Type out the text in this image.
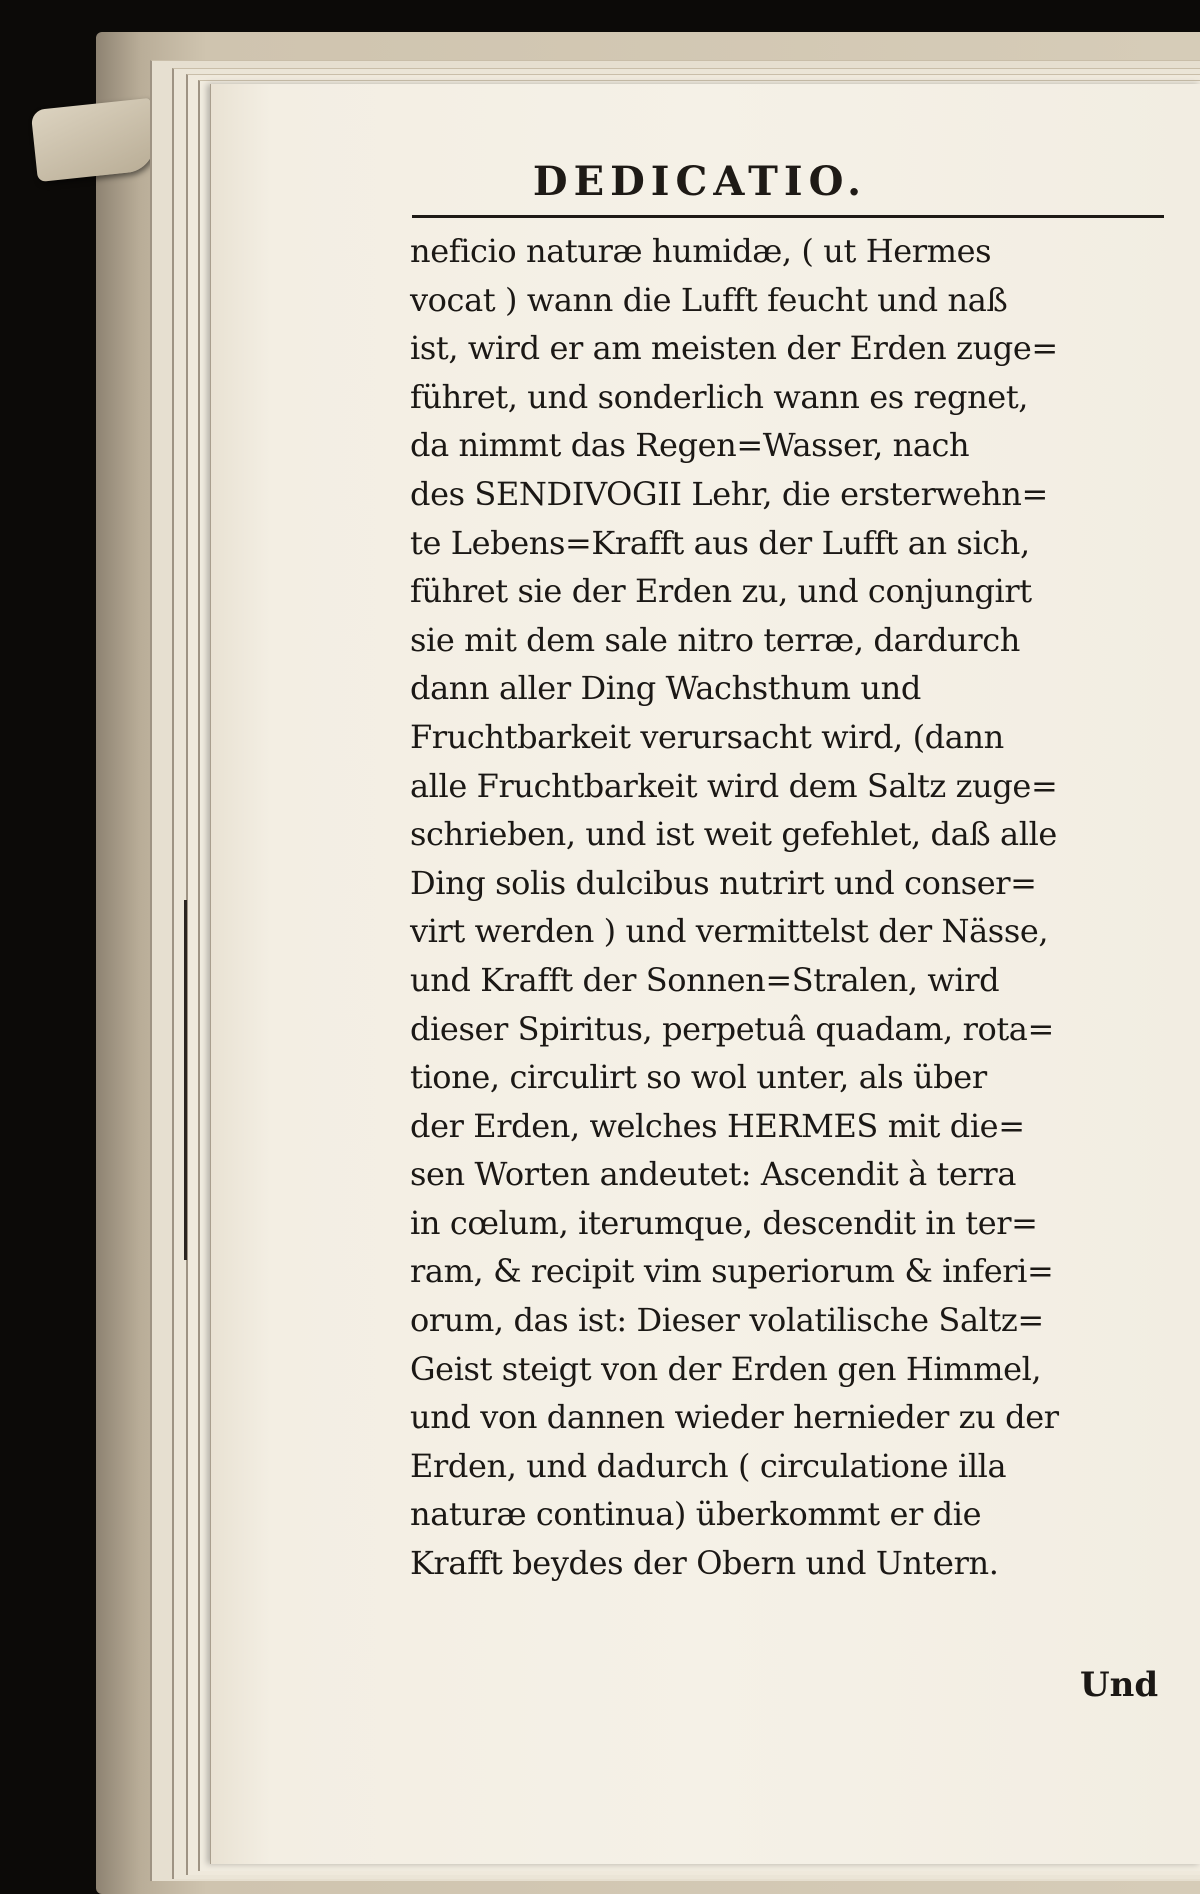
DEDICATIO.
neficio naturæ humidæ, ( ut Hermes
vocat ) wann die Lufft feucht und naß
ist, wird er am meisten der Erden zuge=
führet, und sonderlich wann es regnet,
da nimmt das Regen=Wasser, nach
des SENDIVOGII Lehr, die ersterwehn=
te Lebens=Krafft aus der Lufft an sich,
führet sie der Erden zu, und conjungirt
sie mit dem sale nitro terræ, dardurch
dann aller Ding Wachsthum und
Fruchtbarkeit verursacht wird, (dann
alle Fruchtbarkeit wird dem Saltz zuge=
schrieben, und ist weit gefehlet, daß alle
Ding solis dulcibus nutrirt und conser=
virt werden ) und vermittelst der Nässe,
und Krafft der Sonnen=Stralen, wird
dieser Spiritus, perpetuâ quadam, rota=
tione, circulirt so wol unter, als über
der Erden, welches HERMES mit die=
sen Worten andeutet: Ascendit à terra
in cœlum, iterumque, descendit in ter=
ram, & recipit vim superiorum & inferi=
orum, das ist: Dieser volatilische Saltz=
Geist steigt von der Erden gen Himmel,
und von dannen wieder hernieder zu der
Erden, und dadurch ( circulatione illa
naturæ continua) überkommt er die
Krafft beydes der Obern und Untern.

Und
